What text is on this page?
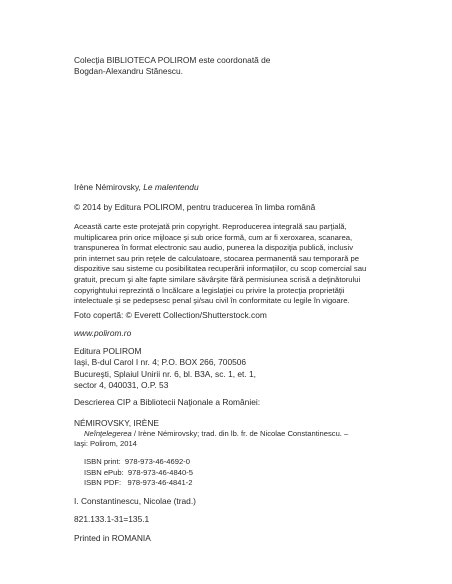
Colecţia BIBLIOTECA POLIROM este coordonată de
Bogdan-Alexandru Stănescu.
Irène Némirovsky, Le malentendu
© 2014 by Editura POLIROM, pentru traducerea în limba română
Această carte este protejată prin copyright. Reproducerea integrală sau parţială,
multiplicarea prin orice mijloace şi sub orice formă, cum ar fi xeroxarea, scanarea,
transpunerea în format electronic sau audio, punerea la dispoziţia publică, inclusiv
prin internet sau prin reţele de calculatoare, stocarea permanentă sau temporară pe
dispozitive sau sisteme cu posibilitatea recuperării informaţiilor, cu scop comercial sau
gratuit, precum şi alte fapte similare săvârşite fără permisiunea scrisă a deţinătorului
copyrightului reprezintă o încălcare a legislaţiei cu privire la protecţia proprietăţii
intelectuale şi se pedepsesc penal şi/sau civil în conformitate cu legile în vigoare.
Foto copertă: © Everett Collection/Shutterstock.com
www.polirom.ro
Editura POLIROM
Iaşi, B-dul Carol I nr. 4; P.O. BOX 266, 700506
Bucureşti, Splaiul Unirii nr. 6, bl. B3A, sc. 1, et. 1,
sector 4, 040031, O.P. 53
Descrierea CIP a Bibliotecii Naţionale a României:
NÉMIROVSKY, IRÈNE
Neînţelegerea / Irène Némirovsky; trad. din lb. fr. de Nicolae Constantinescu. –
Iaşi: Polirom, 2014
ISBN print:  978-973-46-4692-0
ISBN ePub:  978-973-46-4840-5
ISBN PDF:   978-973-46-4841-2
I. Constantinescu, Nicolae (trad.)
821.133.1-31=135.1
Printed in ROMANIA
